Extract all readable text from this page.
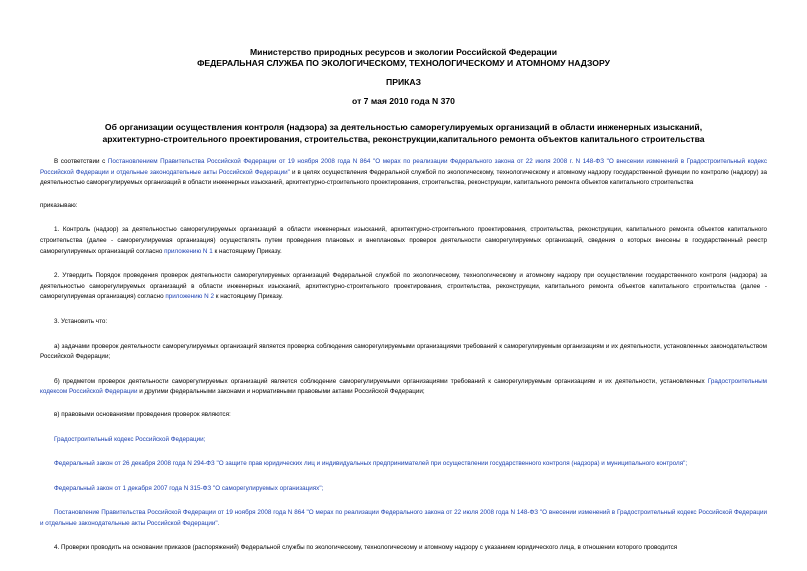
Министерство природных ресурсов и экологии Российской Федерации
ФЕДЕРАЛЬНАЯ СЛУЖБА ПО ЭКОЛОГИЧЕСКОМУ, ТЕХНОЛОГИЧЕСКОМУ И АТОМНОМУ НАДЗОРУ
ПРИКАЗ
от 7 мая 2010 года N 370
Об организации осуществления контроля (надзора) за деятельностью саморегулируемых организаций в области инженерных изысканий, архитектурно-строительного проектирования, строительства, реконструкции,капитального ремонта объектов капитального строительства

В соответствии с Постановлением Правительства Российской Федерации от 19 ноября 2008 года N 864 "О мерах по реализации Федерального закона от 22 июля 2008 г. N 148-ФЗ "О внесении изменений в Градостроительный кодекс Российской Федерации и отдельные законодательные акты Российской Федерации" и в целях осуществления Федеральной службой по экологическому, технологическому и атомному надзору государственной функции по контролю (надзору) за деятельностью саморегулируемых организаций в области инженерных изысканий, архитектурно-строительного проектирования, строительства, реконструкции, капитального ремонта объектов капитального строительства

приказываю:

1. Контроль (надзор) за деятельностью саморегулируемых организаций в области инженерных изысканий, архитектурно-строительного проектирования, строительства, реконструкции, капитального ремонта объектов капитального строительства (далее - саморегулируемая организация) осуществлять путем проведения плановых и внеплановых проверок деятельности саморегулируемых организаций, сведения о которых внесены в государственный реестр саморегулируемых организаций согласно приложению N 1 к настоящему Приказу.

2. Утвердить Порядок проведения проверок деятельности саморегулируемых организаций Федеральной службой по экологическому, технологическому и атомному надзору при осуществлении государственного контроля (надзора) за деятельностью саморегулируемых организаций в области инженерных изысканий, архитектурно-строительного проектирования, строительства, реконструкции, капитального ремонта объектов капитального строительства (далее - саморегулируемая организация) согласно приложению N 2 к настоящему Приказу.

3. Установить что:

а) задачами проверок деятельности саморегулируемых организаций является проверка соблюдения саморегулируемыми организациями требований к саморегулируемым организациям и их деятельности, установленных законодательством Российской Федерации;

б) предметом проверок деятельности саморегулируемых организаций является соблюдение саморегулируемыми организациями требований к саморегулируемым организациям и их деятельности, установленных Градостроительным кодексом Российской Федерации и другими федеральными законами и нормативными правовыми актами Российской Федерации;

в) правовыми основаниями проведения проверок являются:

Градостроительный кодекс Российской Федерации;

Федеральный закон от 26 декабря 2008 года N 294-ФЗ "О защите прав юридических лиц и индивидуальных предпринимателей при осуществлении государственного контроля (надзора) и муниципального контроля";

Федеральный закон от 1 декабря 2007 года N 315-ФЗ "О саморегулируемых организациях";

Постановление Правительства Российской Федерации от 19 ноября 2008 года N 864 "О мерах по реализации Федерального закона от 22 июля 2008 года N 148-ФЗ "О внесении изменений в Градостроительный кодекс Российской Федерации и отдельные законодательные акты Российской Федерации".

4. Проверки проводить на основании приказов (распоряжений) Федеральной службы по экологическому, технологическому и атомному надзору с указанием юридического лица, в отношении которого проводится
